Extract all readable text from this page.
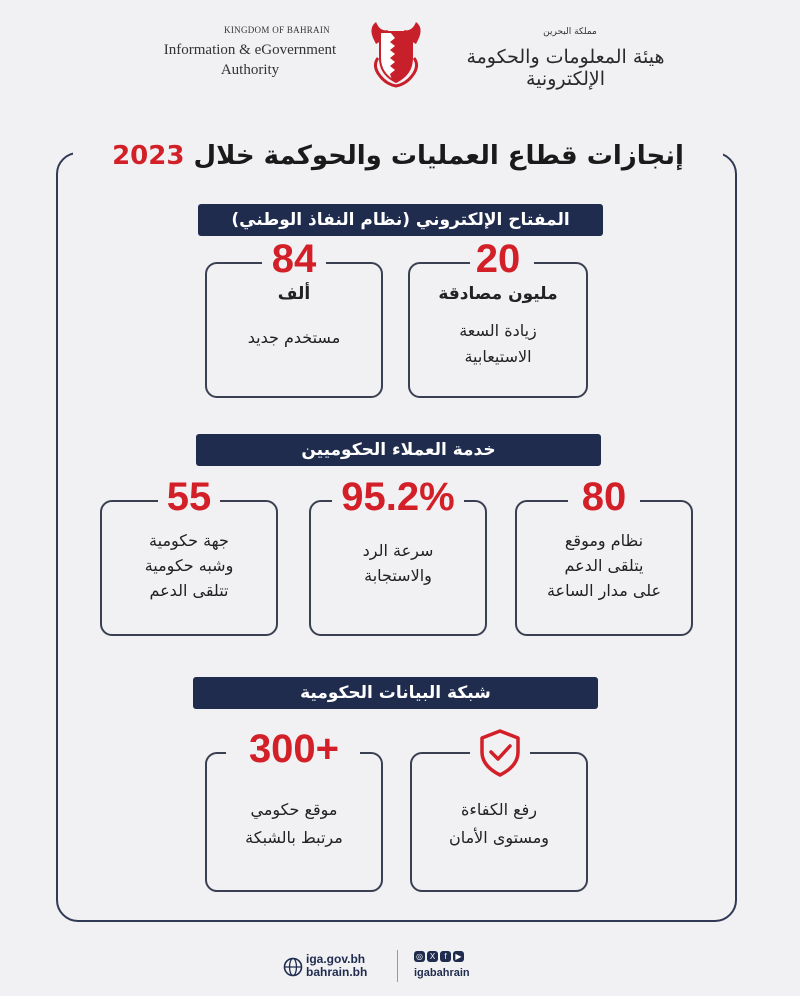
KINGDOM OF BAHRAIN
Information & eGovernment
Authority
مملكة البحرين
هيئة المعلومات والحكومة الإلكترونية
إنجازات قطاع العمليات والحوكمة خلال 2023
المفتاح الإلكتروني (نظام النفاذ الوطني)
20
مليون مصادقة
زيادة السعة
الاستيعابية
84
ألف
مستخدم جديد
خدمة العملاء الحكوميين
80
نظام وموقع
يتلقى الدعم
على مدار الساعة
95.2%
سرعة الرد
والاستجابة
55
جهة حكومية
وشبه حكومية
تتلقى الدعم
شبكة البيانات الحكومية
رفع الكفاءة
ومستوى الأمان
300+
موقع حكومي
مرتبط بالشبكة
iga.gov.bh
bahrain.bh
◎ X	f	▶
igabahrain
